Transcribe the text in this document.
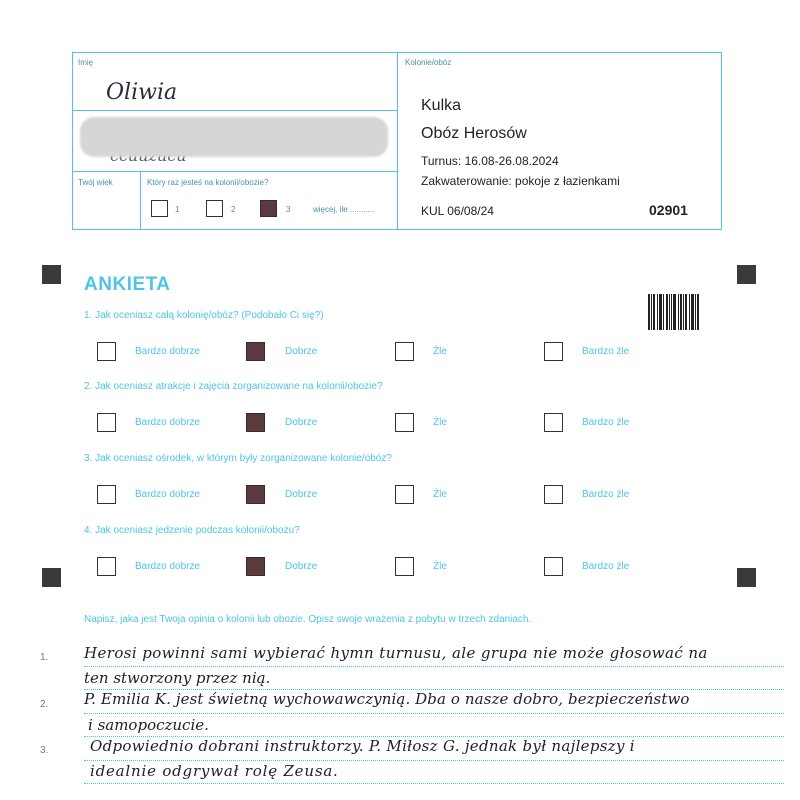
Imię
Oliwia
Twój wiek	Który raz jesteś na kolonii/obozie?
1	2	3	więcej, ile ...........
Kolonie/obóz
Kulka
Obóz Herosów
Turnus: 16.08-26.08.2024
Zakwaterowanie: pokoje z łazienkami
KUL 06/08/24	02901
ANKIETA
1. Jak oceniasz całą kolonię/obóz? (Podobało Ci się?)
Bardzo dobrze	Dobrze	Źle	Bardzo źle
2. Jak oceniasz atrakcje i zajęcia zorganizowane na kolonii/obozie?
Bardzo dobrze	Dobrze	Źle	Bardzo źle
3. Jak oceniasz ośrodek, w którym były zorganizowane kolonie/obóz?
Bardzo dobrze	Dobrze	Źle	Bardzo źle
4. Jak oceniasz jedzenie podczas kolonii/obozu?
Bardzo dobrze	Dobrze	Źle	Bardzo źle
Napisz, jaka jest Twoja opinia o kolonii lub obozie. Opisz swoje wrażenia z pobytu w trzech zdaniach.
1.
2.
3.
Herosi powinni sami wybierać hymn turnusu, ale grupa nie może głosować na
ten stworzony przez nią.
P. Emilia K. jest świetną wychowawczynią. Dba o nasze dobro, bezpieczeństwo
i samopoczucie.
Odpowiednio dobrani instruktorzy. P. Miłosz G. jednak był najlepszy i
idealnie odgrywał rolę Zeusa.
